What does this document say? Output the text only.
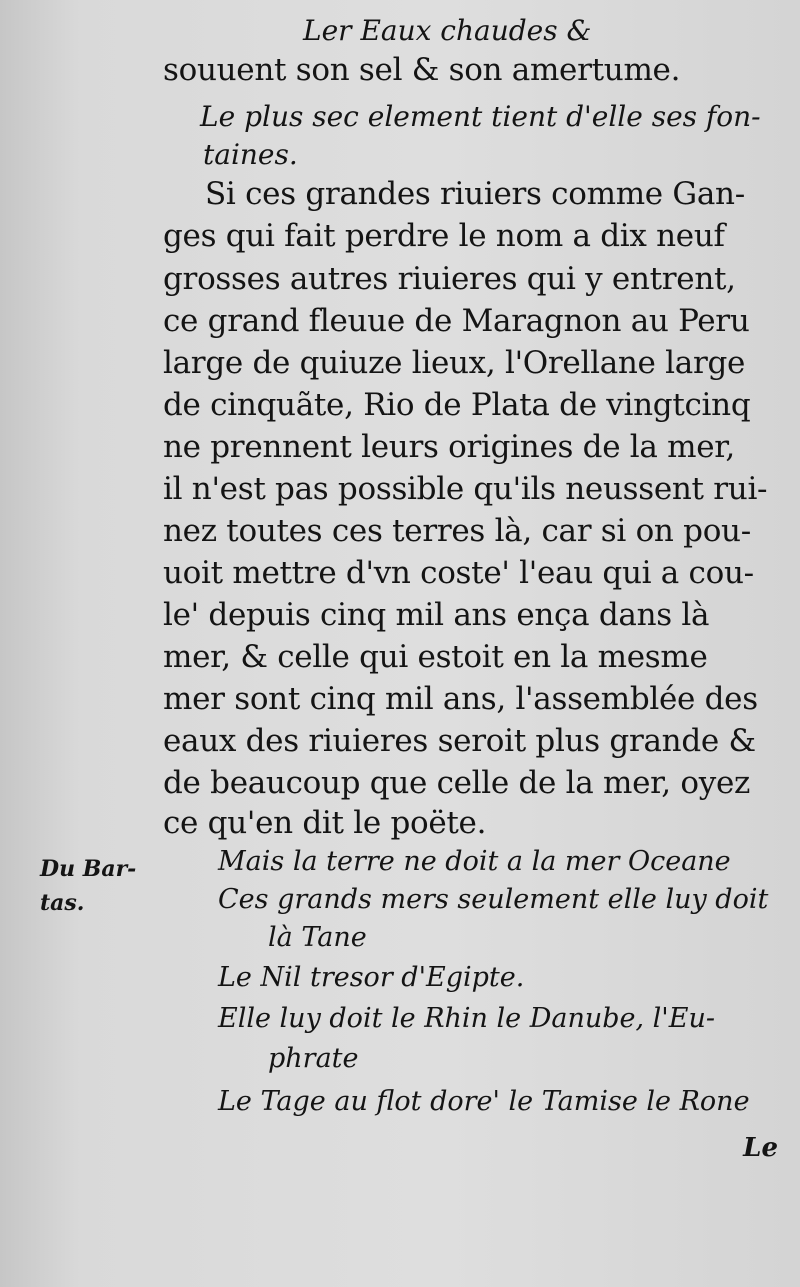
Ler Eaux chaudes &
souuent son sel & son amertume.
Le plus sec element tient d'elle ses fon-
taines.
Si ces grandes riuiers comme Gan-
ges qui fait perdre le nom a dix neuf
grosses autres riuieres qui y entrent,
ce grand fleuue de Maragnon au Peru
large de quiuze lieux, l'Orellane large
de cinquãte, Rio de Plata de vingtcinq
ne prennent leurs origines de la mer,
il n'est pas possible qu'ils neussent rui-
nez toutes ces terres là, car si on pou-
uoit mettre d'vn coste' l'eau qui a cou-
le' depuis cinq mil ans ença dans là
mer, & celle qui estoit en la mesme
mer sont cinq mil ans, l'assemblée des
eaux des riuieres seroit plus grande &
de beaucoup que celle de la mer, oyez
ce qu'en dit le poëte.
Du Bar-
tas.
Mais la terre ne doit a la mer Oceane
Ces grands mers seulement elle luy doit
là Tane
Le Nil tresor d'Egipte.
Elle luy doit le Rhin le Danube, l'Eu-
phrate
Le Tage au flot dore' le Tamise le Rone
Le
